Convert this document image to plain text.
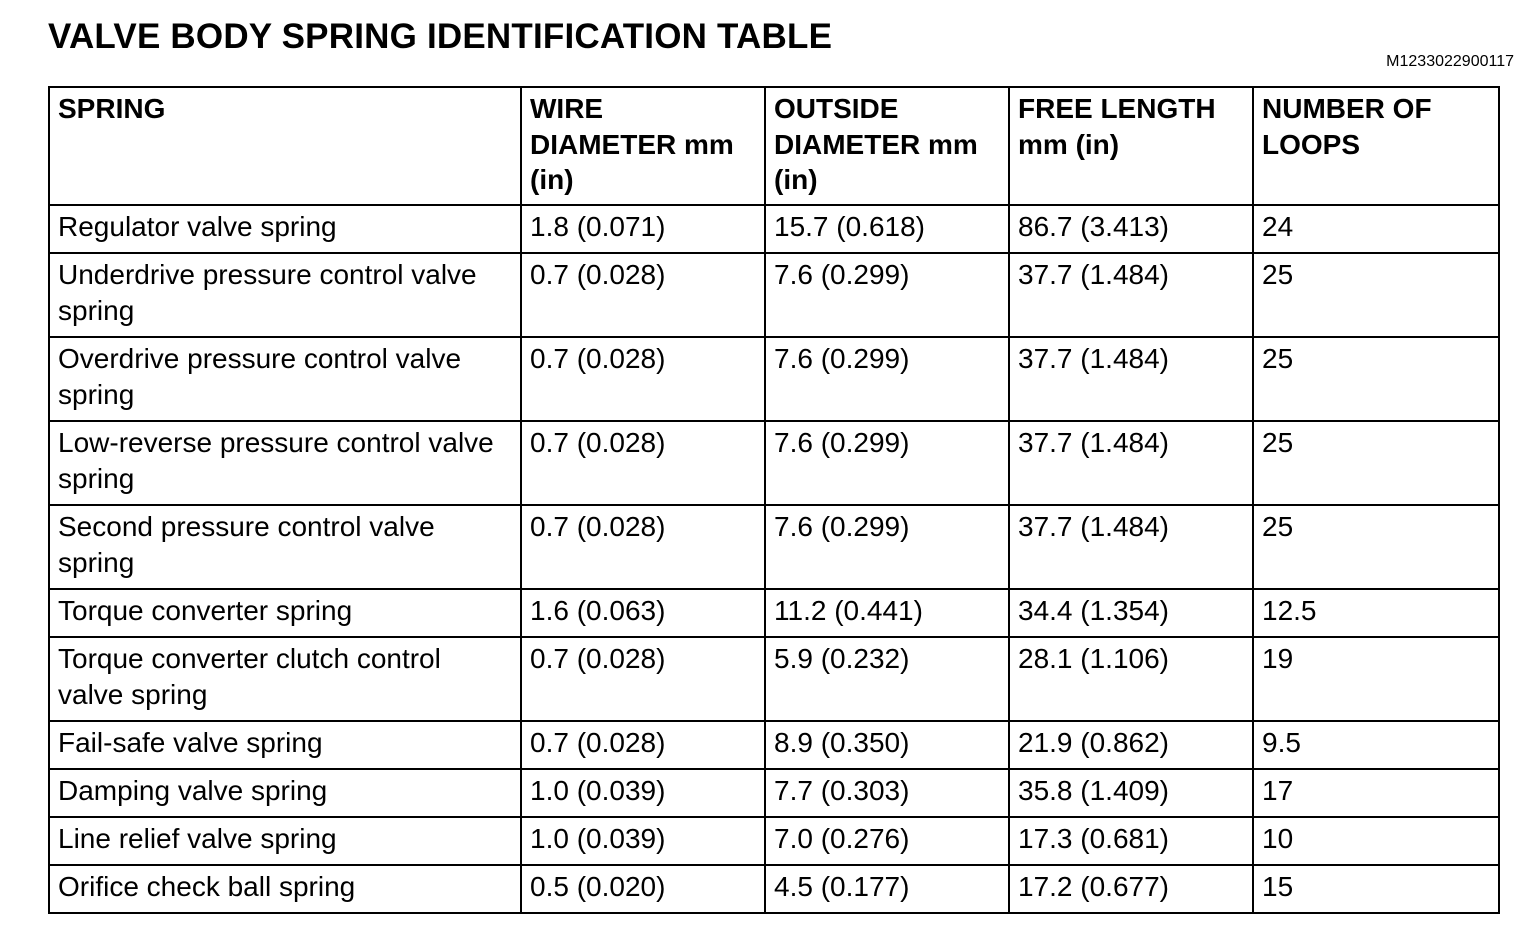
VALVE BODY SPRING IDENTIFICATION TABLE
M1233022900117
SPRING	WIRE DIAMETER mm (in)	OUTSIDE DIAMETER mm (in)	FREE LENGTH mm (in)	NUMBER OF LOOPS
Regulator valve spring	1.8 (0.071)	15.7 (0.618)	86.7 (3.413)	24
Underdrive pressure control valve spring	0.7 (0.028)	7.6 (0.299)	37.7 (1.484)	25
Overdrive pressure control valve spring	0.7 (0.028)	7.6 (0.299)	37.7 (1.484)	25
Low-reverse pressure control valve spring	0.7 (0.028)	7.6 (0.299)	37.7 (1.484)	25
Second pressure control valve spring	0.7 (0.028)	7.6 (0.299)	37.7 (1.484)	25
Torque converter spring	1.6 (0.063)	11.2 (0.441)	34.4 (1.354)	12.5
Torque converter clutch control valve spring	0.7 (0.028)	5.9 (0.232)	28.1 (1.106)	19
Fail-safe valve spring	0.7 (0.028)	8.9 (0.350)	21.9 (0.862)	9.5
Damping valve spring	1.0 (0.039)	7.7 (0.303)	35.8 (1.409)	17
Line relief valve spring	1.0 (0.039)	7.0 (0.276)	17.3 (0.681)	10
Orifice check ball spring	0.5 (0.020)	4.5 (0.177)	17.2 (0.677)	15
